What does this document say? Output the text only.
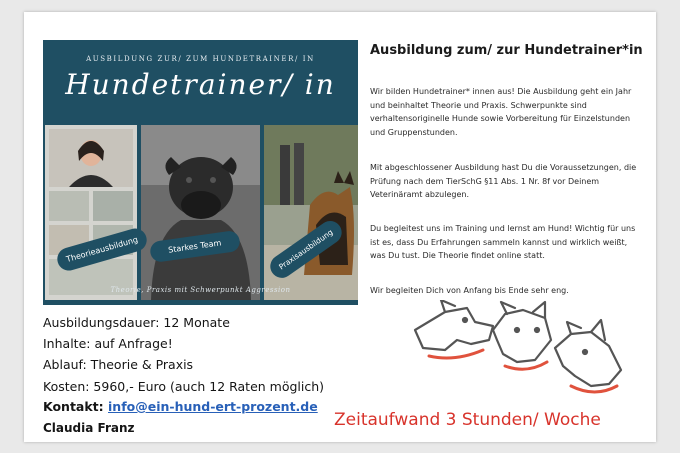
AUSBILDUNG ZUR/ ZUM HUNDETRAINER/ IN
Hundetrainer/ in
Theorieausbildung	Starkes Team	Praxisausbildung
Theorie, Praxis mit Schwerpunkt Aggression
Ausbildung zum/ zur Hundetrainer*in
Wir bilden Hundetrainer* innen aus! Die Ausbildung geht ein Jahr und beinhaltet Theorie und Praxis. Schwerpunkte sind verhaltensoriginelle Hunde sowie Vorbereitung für Einzelstunden und Gruppenstunden.
Mit abgeschlossener Ausbildung hast Du die Voraussetzungen, die Prüfung nach dem TierSchG §11 Abs. 1 Nr. 8f vor Deinem Veterinäramt abzulegen.
Du begleitest uns im Training und lernst am Hund! Wichtig für uns ist es, dass Du Erfahrungen sammeln kannst und wirklich weißt, was Du tust. Die Theorie findet online statt.
Wir begleiten Dich von Anfang bis Ende sehr eng.
Ausbildungsdauer: 12 Monate
Inhalte: auf Anfrage!
Ablauf: Theorie & Praxis
Kosten: 5960,- Euro (auch 12 Raten möglich)
Kontakt: info@ein-hund-ert-prozent.de
Claudia Franz	Zeitaufwand 3 Stunden/ Woche
